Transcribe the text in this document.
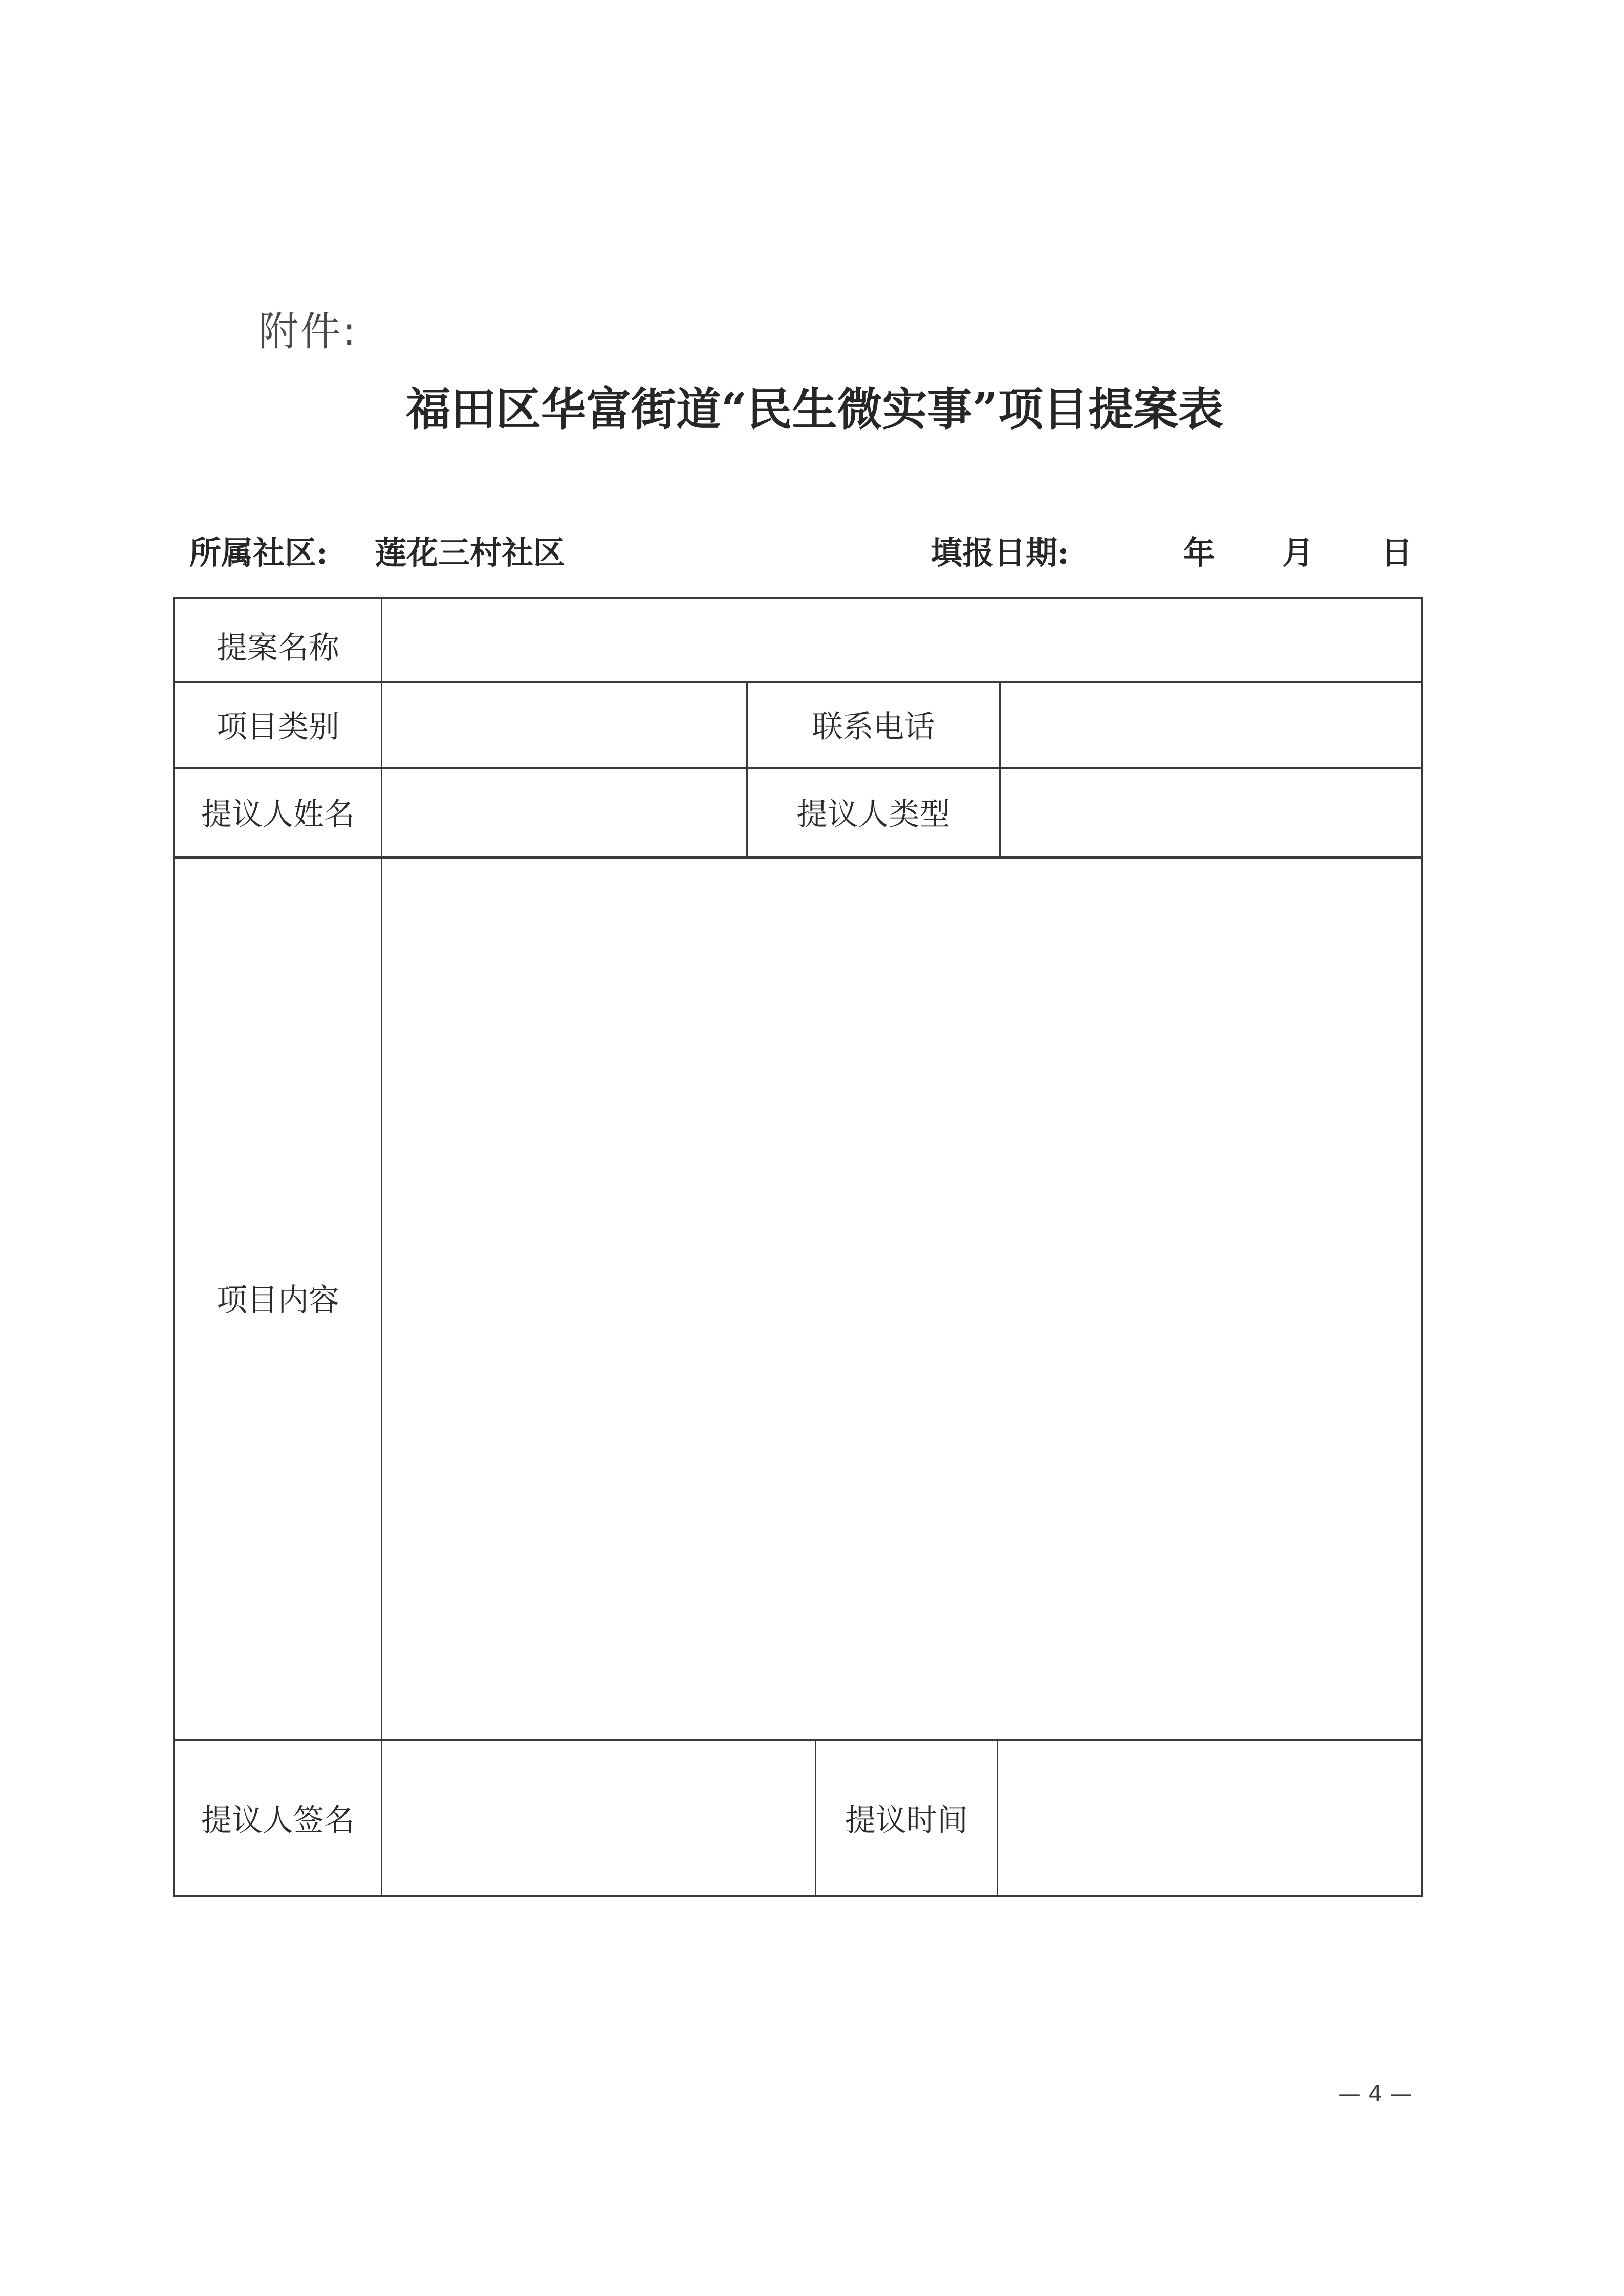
附件:
福田区华富街道“民生微实事”项目提案表
所属社区: 莲花三村社区	填报日期:	年 月 日
提案名称
项目类别	联系电话
提议人姓名	提议人类型
项目内容
提议人签名	提议时间
— 4 —
